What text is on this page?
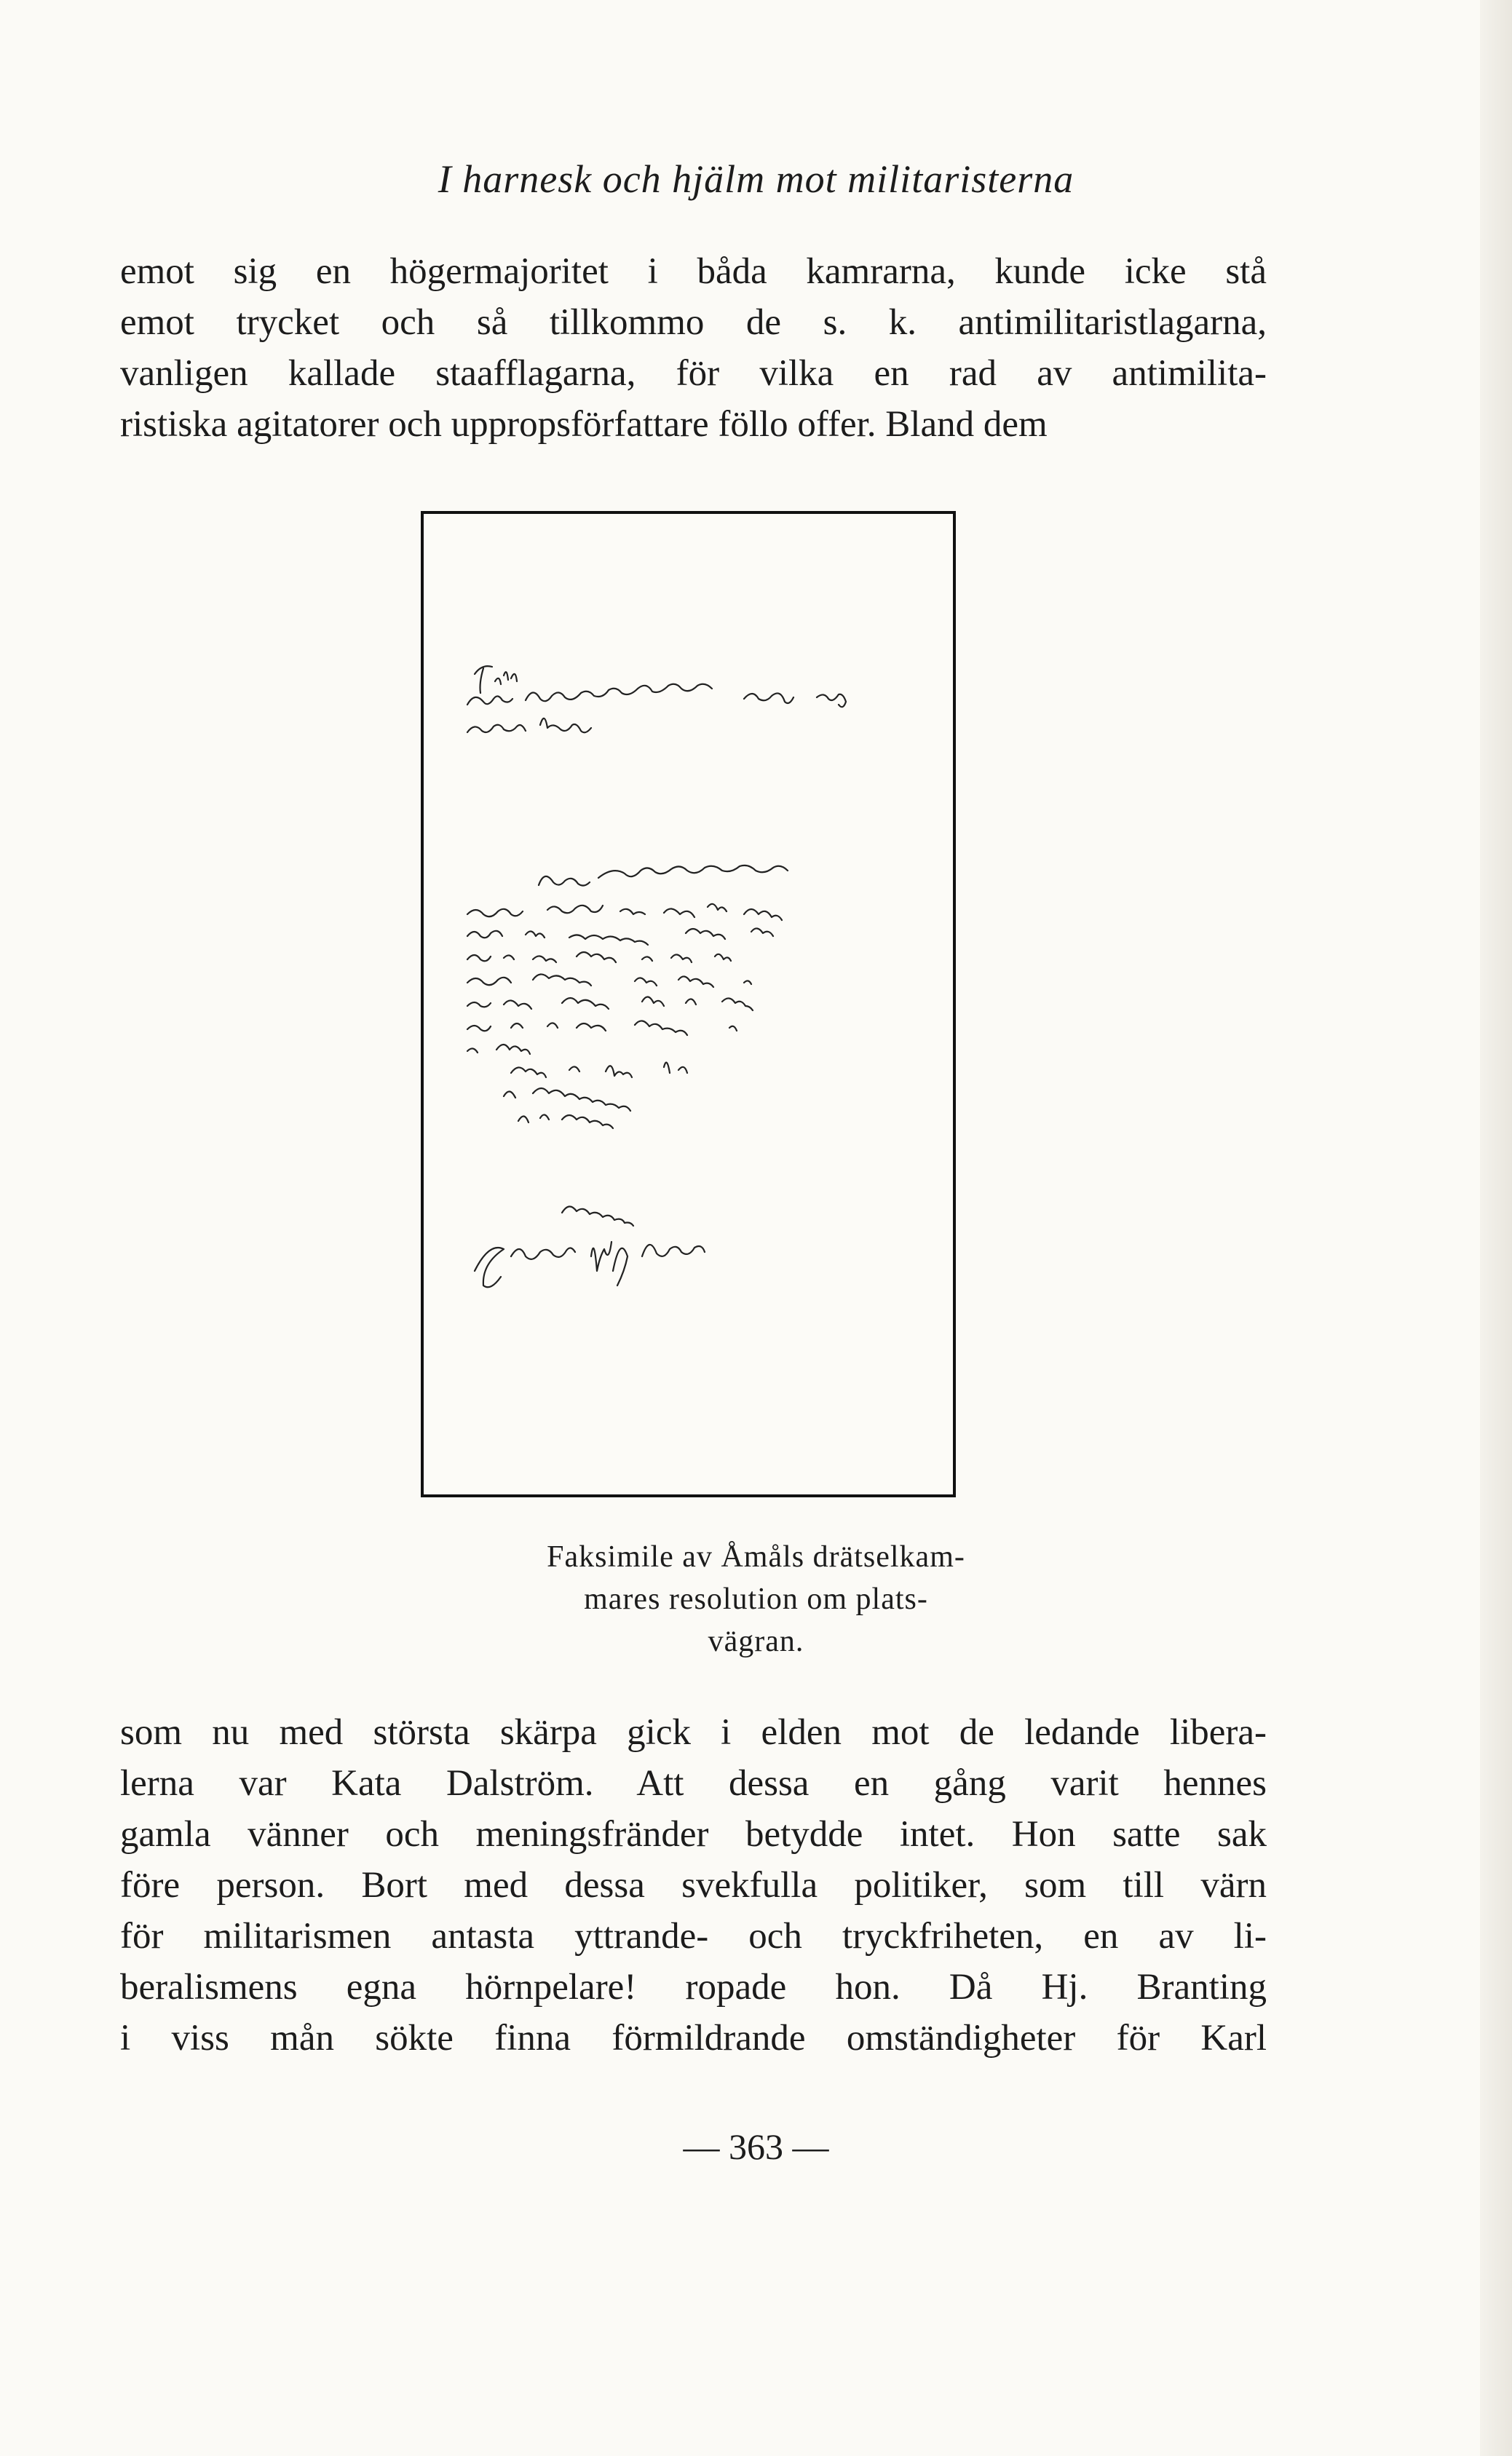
I harnesk och hjälm mot militaristerna
emot sig en högermajoritet i båda kamrarna, kunde icke stå
emot trycket och så tillkommo de s. k. antimilitaristlagarna,
vanligen kallade staafflagarna, för vilka en rad av antimilita-
ristiska agitatorer och uppropsförfattare föllo offer. Bland dem
Faksimile av Åmåls drätselkam-
mares resolution om plats-
vägran.
som nu med största skärpa gick i elden mot de ledande libera-
lerna var Kata Dalström. Att dessa en gång varit hennes
gamla vänner och meningsfränder betydde intet. Hon satte sak
före person. Bort med dessa svekfulla politiker, som till värn
för militarismen antasta yttrande- och tryckfriheten, en av li-
beralismens egna hörnpelare! ropade hon. Då Hj. Branting
i viss mån sökte finna förmildrande omständigheter för Karl
— 363 —
